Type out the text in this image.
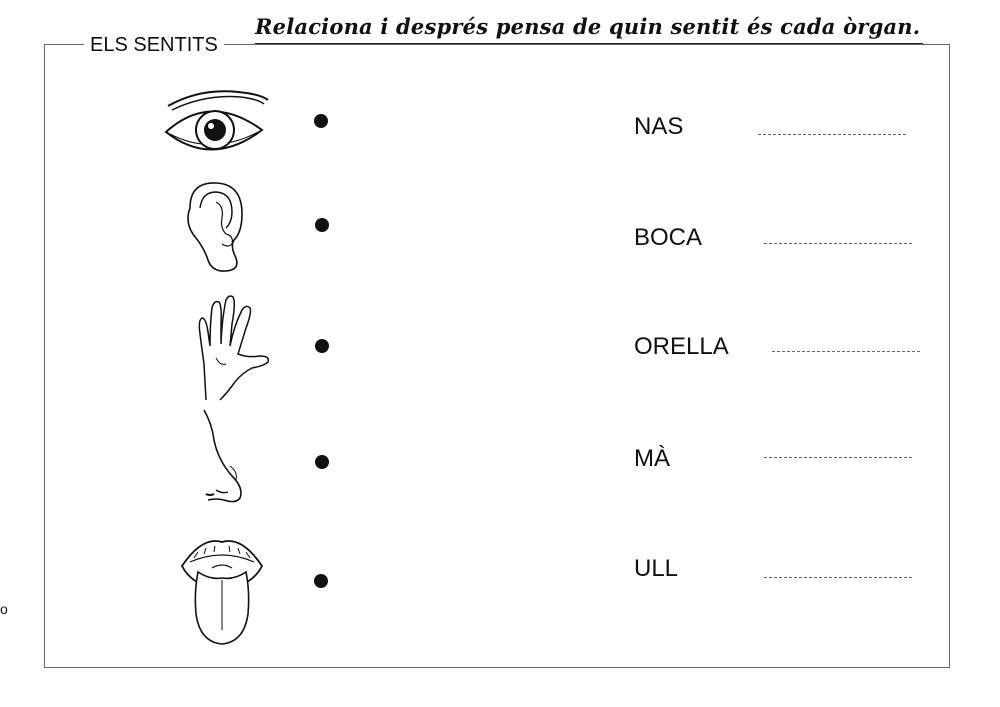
Relaciona i després pensa de quin sentit és cada òrgan.
ELS SENTITS
o
NAS
BOCA
ORELLA
MÀ
ULL
